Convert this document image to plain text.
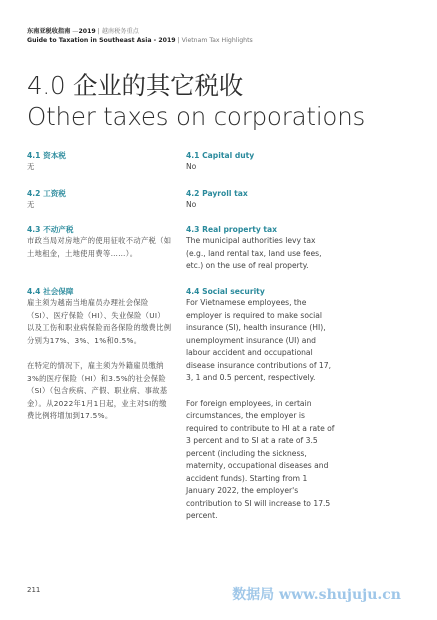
东南亚税收指南 —2019 | 越南税务重点
Guide to Taxation in Southeast Asia - 2019 | Vietnam Tax Highlights
4.0 企业的其它税收
Other taxes on corporations
4.1 资本税
无
4.2 工资税
无
4.3 不动产税
市政当局对房地产的使用征收不动产税（如土地租金，土地使用费等……）。
4.4 社会保障
雇主须为越南当地雇员办理社会保险（SI）、医疗保险（HI）、失业保险（UI）以及工伤和职业病保险而各保险的缴费比例分别为17%、3%、1%和0.5%。
在特定的情况下，雇主须为外籍雇员缴纳3%的医疗保险（HI）和3.5%的社会保险（SI）（包含疾病、产假、职业病、事故基金）。从2022年1月1日起，业主对SI的缴费比例将增加到17.5%。
4.1 Capital duty
No
4.2 Payroll tax
No
4.3 Real property tax
The municipal authorities levy tax (e.g., land rental tax, land use fees, etc.) on the use of real property.
4.4 Social security
For Vietnamese employees, the employer is required to make social insurance (SI), health insurance (HI), unemployment insurance (UI) and labour accident and occupational disease insurance contributions of 17, 3, 1 and 0.5 percent, respectively.
For foreign employees, in certain circumstances, the employer is required to contribute to HI at a rate of 3 percent and to SI at a rate of 3.5 percent (including the sickness, maternity, occupational diseases and accident funds). Starting from 1 January 2022, the employer's contribution to SI will increase to 17.5 percent.
211	数据局 www.shujuju.cn
